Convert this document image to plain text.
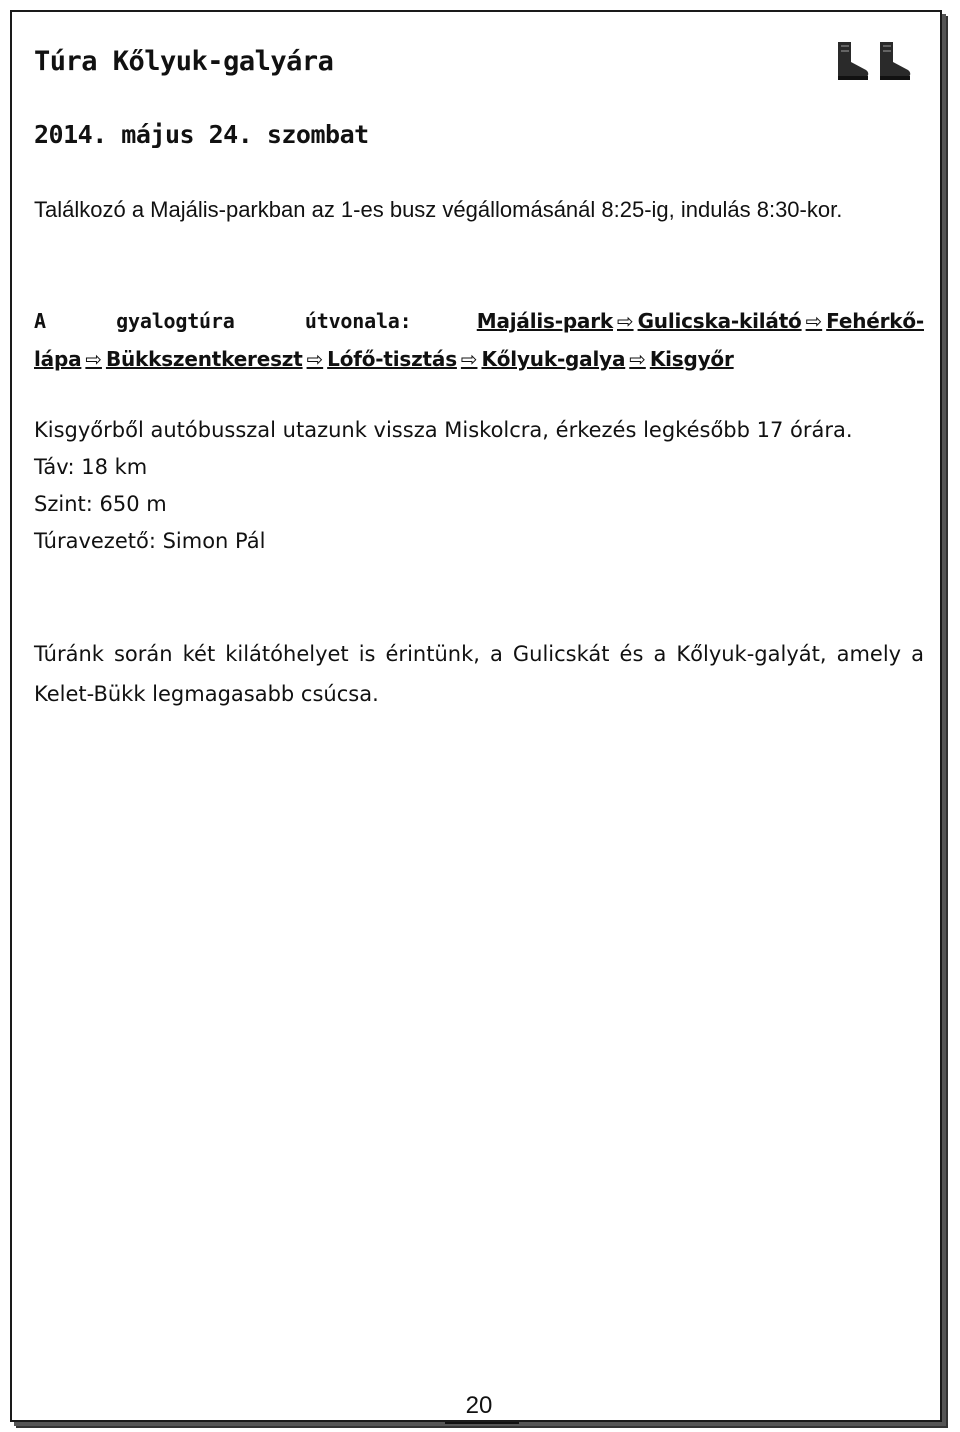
Túra Kőlyuk-galyára
2014. május 24. szombat

Találkozó a Majális-parkban az 1-es busz végállomásánál 8:25-ig, indulás 8:30-kor.

A gyalogtúra útvonala:	Majális-park ⇨ Gulicska-kilátó ⇨ Fehérkő-lápa ⇨ Bükkszentkereszt ⇨ Lófő-tisztás ⇨ Kőlyuk-galya ⇨ Kisgyőr

Kisgyőrből autóbusszal utazunk vissza Miskolcra, érkezés legkésőbb 17 órára.

Táv: 18 km

Szint: 650 m

Túravezető: Simon Pál

Túránk során két kilátóhelyet is érintünk, a Gulicskát és a Kőlyuk-galyát, amely a Kelet-Bükk legmagasabb csúcsa.

20
